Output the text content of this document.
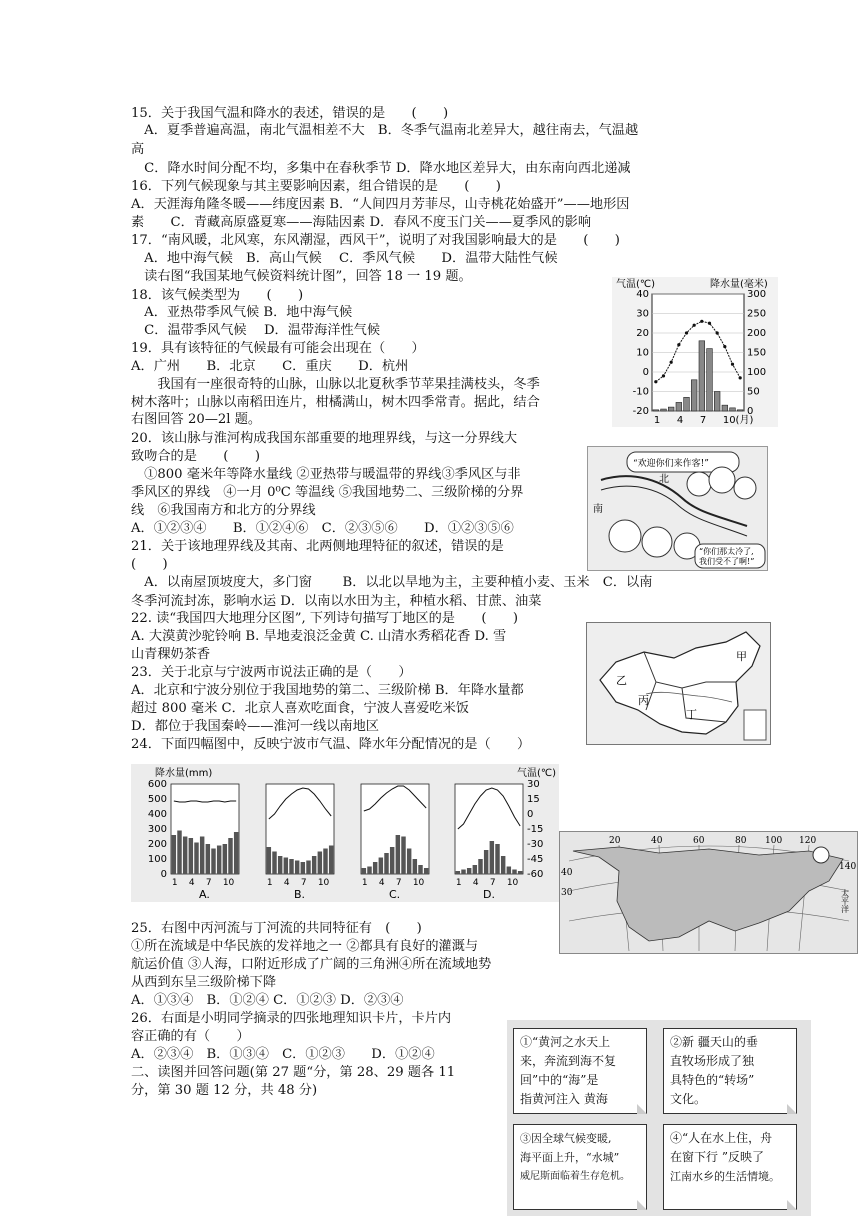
15．关于我国气温和降水的表述，错误的是　　(　　)
　A．夏季普遍高温，南北气温相差不大　B．冬季气温南北差异大，越往南去，气温越
高
　C．降水时间分配不均，多集中在春秋季节 D．降水地区差异大，由东南向西北递减
16．下列气候现象与其主要影响因素，组合错误的是　　(　　)
A．天涯海角隆冬暖——纬度因素 B．“人间四月芳菲尽，山寺桃花始盛开”——地形因
素　　C．青藏高原盛夏寒——海陆因素 D．春风不度玉门关——夏季风的影响
17．“南风暖，北风寒，东风潮湿，西风干”，说明了对我国影响最大的是　　(　　)
　A．地中海气候　B．高山气候　 C．季风气候　　D．温带大陆性气候
　读右图“我国某地气候资料统计图”，回答 18 一 19 题。
18．该气候类型为　　(　　)
　A．亚热带季风气候 B．地中海气候
　C．温带季风气候　 D．温带海洋性气候
19．具有该特征的气候最有可能会出现在（　　）
A．广州　　B．北京　　C．重庆　　D．杭州
　　我国有一座很奇特的山脉，山脉以北夏秋季节苹果挂满枝头，冬季
树木落叶；山脉以南稻田连片，柑橘满山，树木四季常青。据此，结合
右图回答 20—2l 题。
20．该山脉与淮河构成我国东部重要的地理界线，与这一分界线大
致吻合的是　　(　　)
　①800 毫米年等降水量线 ②亚热带与暖温带的界线③季风区与非
季风区的界线　④一月 0⁰C 等温线 ⑤我国地势二、三级阶梯的分界
线　⑥我国南方和北方的分界线
A．①②③④　　B．①②④⑥　C．②③⑤⑥　　D．①②③⑤⑥
21．关于该地理界线及其南、北两侧地理特征的叙述，错误的是
(　　)
　A．以南屋顶坡度大，多门窗　　 B．以北以旱地为主，主要种植小麦、玉米　C．以南
冬季河流封冻，影响水运 D．以南以水田为主，种植水稻、甘蔗、油菜
22. 读“我国四大地理分区图”, 下列诗句描写丁地区的是　　(　　)
A. 大漠黄沙驼铃响 B. 旱地麦浪泛金黄 C. 山清水秀稻花香 D. 雪
山青稞奶茶香
23．关于北京与宁波两市说法正确的是（　　）
A．北京和宁波分别位于我国地势的第二、三级阶梯 B．年降水量都
超过 800 毫米 C．北京人喜欢吃面食，宁波人喜爱吃米饭
D．都位于我国秦岭——淮河一线以南地区
24．下面四幅图中，反映宁波市气温、降水年分配情况的是（　　）
25．右图中丙河流与丁河流的共同特征有　(　　)
①所在流域是中华民族的发祥地之一 ②都具有良好的灌溉与
航运价值 ③人海，口附近形成了广阔的三角洲④所在流域地势
从西到东呈三级阶梯下降
A．①③④　B．①②④ C．①②③ D．②③④
26．右面是小明同学摘录的四张地理知识卡片，卡片内
容正确的有（　　）
A．②③④　B．①③④　C．①②③　　D．①②④
二、读图并回答问题(第 27 题“分，第 28、29 题各 11
分，第 30 题 12 分，共 48 分)
气温(℃)	降水量(毫米)
40
30
20
10
0
-10
-20
300
250
200
150
100
50
0
1 4 7 10(月)
“欢迎你们来作客!”
北
南
“你们那太冷了,
我们受不了啊!”
甲
乙
丙
丁
降水量(mm)	气温(℃)
600
500
400
300
200
100
0
30
15
0
-15
-30
-45
-60
1 4 7 10
A.
1 4 7 10
B.
1 4 7 10
C.
1 4 7 10
D.
20	40	60	80 100 120
40
30
140
太平洋
①“黄河之水天上
来，奔流到海不复
回”中的“海”是
指黄河注入 黄海
②新 疆天山的垂
直牧场形成了独
具特色的“转场”
文化。
③因全球气候变暖,
海平面上升，“水城”
威尼斯面临着生存危机。
④“人在水上住，舟
在窗下行 ”反映了
江南水乡的生活情境。
